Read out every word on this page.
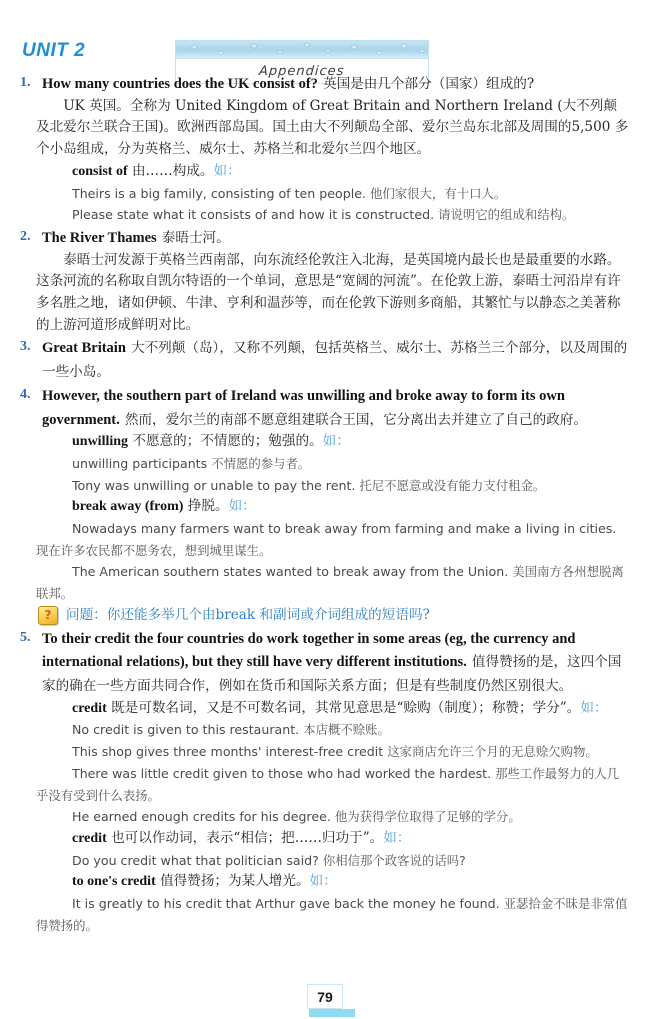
Appendices
UNIT 2
1. How many countries does the UK consist of? 英国是由几个部分（国家）组成的?

UK 英国。全称为 United Kingdom of Great Britain and Northern Ireland (大不列颠及北爱尔兰联合王国)。欧洲西部岛国。国土由大不列颠岛全部、爱尔兰岛东北部及周围的5,500 多个小岛组成，分为英格兰、威尔士、苏格兰和北爱尔兰四个地区。

consist of 由……构成。如：

Theirs is a big family, consisting of ten people. 他们家很大，有十口人。

Please state what it consists of and how it is constructed. 请说明它的组成和结构。

2. The River Thames 泰晤士河。

泰晤士河发源于英格兰西南部，向东流经伦敦注入北海，是英国境内最长也是最重要的水路。这条河流的名称取自凯尔特语的一个单词，意思是“宽阔的河流”。在伦敦上游，泰晤士河沿岸有许多名胜之地，诸如伊顿、牛津、亨利和温莎等，而在伦敦下游则多商船，其繁忙与以静态之美著称的上游河道形成鲜明对比。

3. Great Britain 大不列颠（岛），又称不列颠，包括英格兰、威尔士、苏格兰三个部分，以及周围的一些小岛。
4. However, the southern part of Ireland was unwilling and broke away to form its own government. 然而，爱尔兰的南部不愿意组建联合王国，它分离出去并建立了自己的政府。

unwilling 不愿意的；不情愿的；勉强的。如：

unwilling participants 不情愿的参与者。

Tony was unwilling or unable to pay the rent. 托尼不愿意或没有能力支付租金。

break away (from) 挣脱。如：

Nowadays many farmers want to break away from farming and make a living in cities. 现在许多农民都不愿务农，想到城里谋生。

The American southern states wanted to break away from the Union. 美国南方各州想脱离联邦。

?	问题：你还能多举几个由break 和副词或介词组成的短语吗?
5. To their credit the four countries do work together in some areas (eg, the currency and international relations), but they still have very different institutions. 值得赞扬的是，这四个国家的确在一些方面共同合作，例如在货币和国际关系方面；但是有些制度仍然区别很大。

credit 既是可数名词，又是不可数名词，其常见意思是“赊购（制度）；称赞；学分”。如：

No credit is given to this restaurant. 本店概不赊账。

This shop gives three months' interest-free credit 这家商店允许三个月的无息赊欠购物。

There was little credit given to those who had worked the hardest. 那些工作最努力的人几乎没有受到什么表扬。

He earned enough credits for his degree. 他为获得学位取得了足够的学分。

credit 也可以作动词，表示“相信；把……归功于”。如：

Do you credit what that politician said? 你相信那个政客说的话吗?

to one's credit 值得赞扬；为某人增光。如：

It is greatly to his credit that Arthur gave back the money he found. 亚瑟拾金不昧是非常值得赞扬的。

79
